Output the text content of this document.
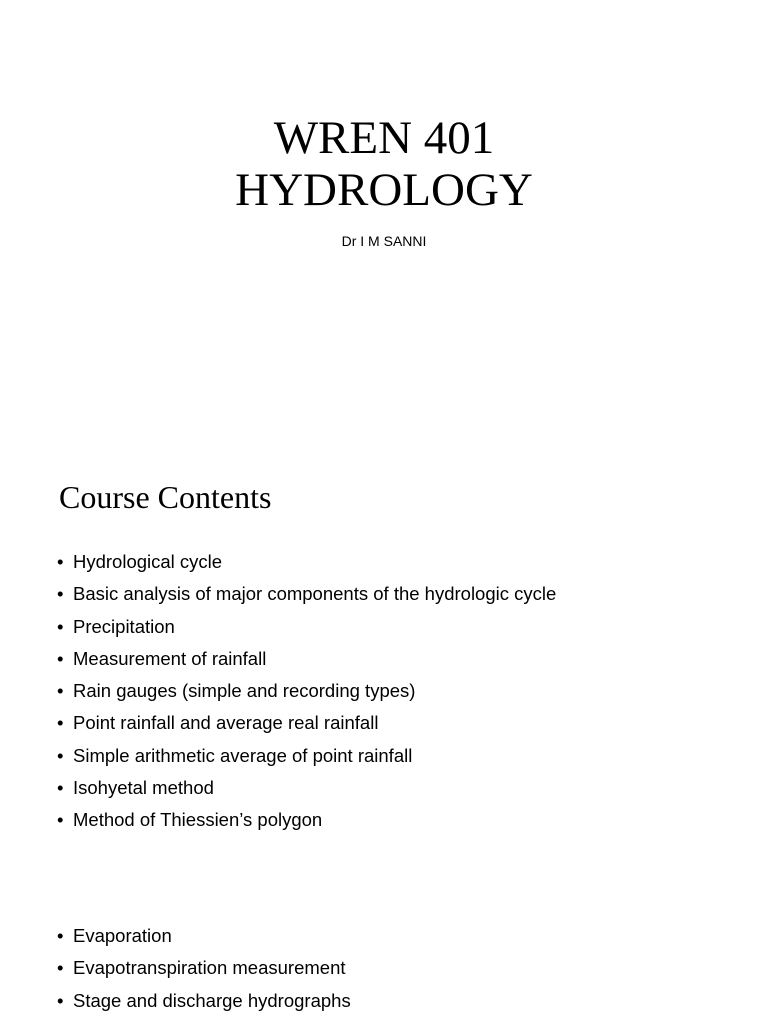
WREN 401
HYDROLOGY
Dr I M SANNI
Course Contents
• Hydrological cycle
• Basic analysis of major components of the hydrologic cycle
• Precipitation
• Measurement of rainfall
• Rain gauges (simple and recording types)
• Point rainfall and average real rainfall
• Simple arithmetic average of point rainfall
• Isohyetal method
• Method of Thiessien’s polygon
• Evaporation
• Evapotranspiration measurement
• Stage and discharge hydrographs
